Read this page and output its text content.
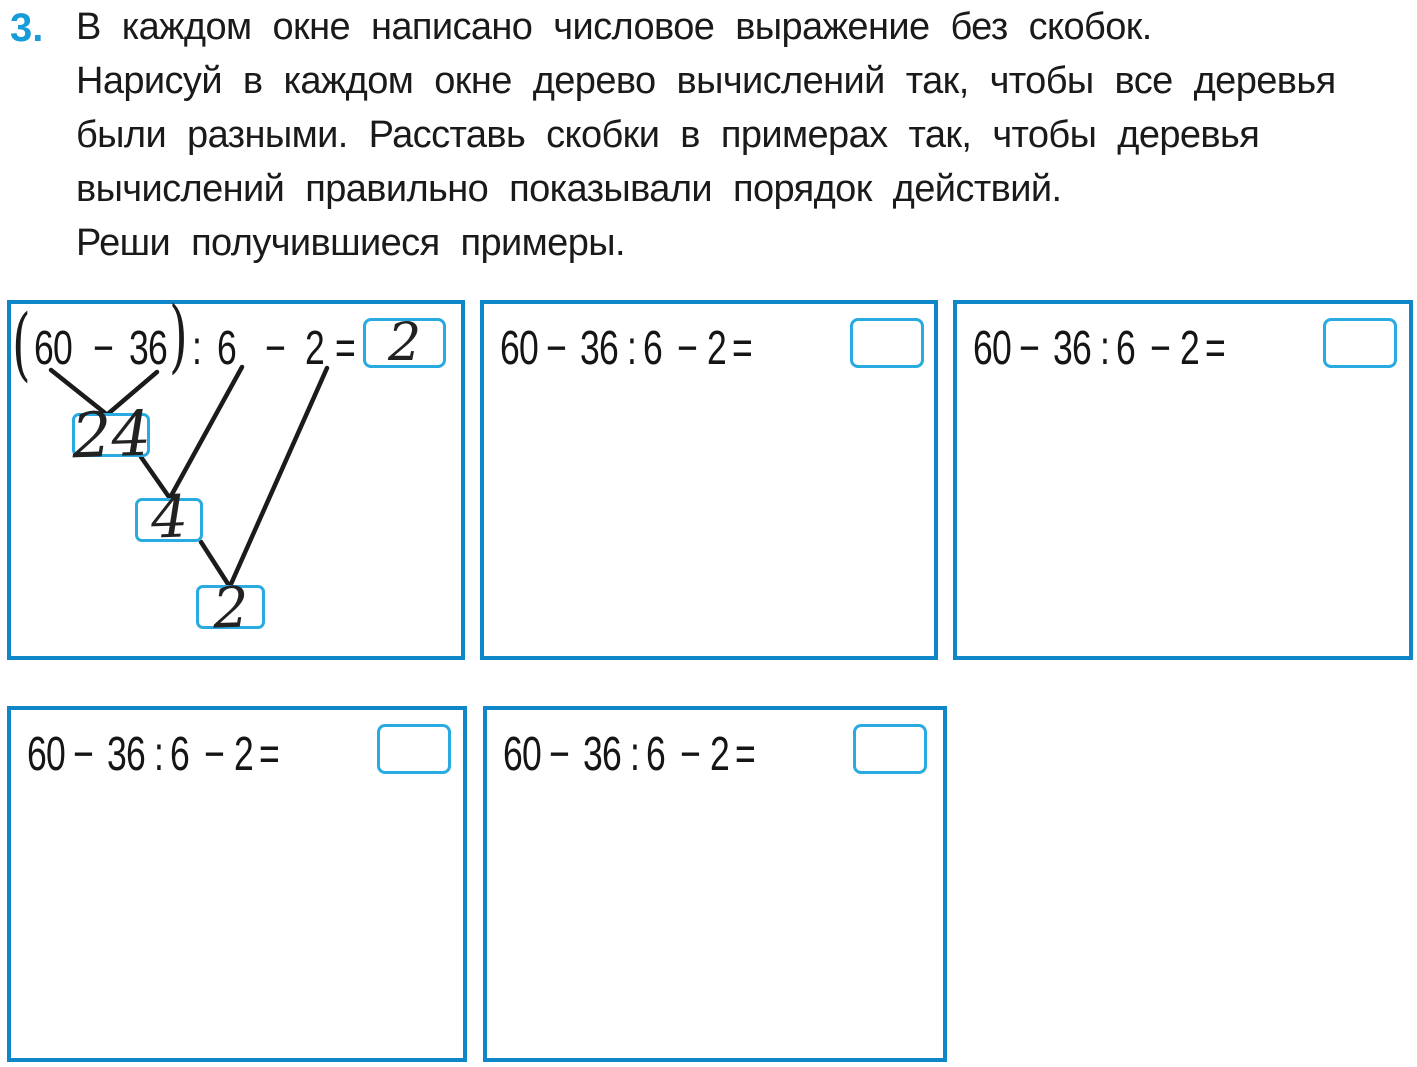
3. В каждом окне написано числовое выражение без скобок.
Нарисуй в каждом окне дерево вычислений так, чтобы все деревья
были разными. Расставь скобки в примерах так, чтобы деревья
вычислений правильно показывали порядок действий.
Реши получившиеся примеры.
( 60 − 36 ) : 6 − 2 = 2
24
4
2
60 − 36 : 6 − 2 =	60 − 36 : 6 − 2 =
60 − 36 : 6 − 2 =	60 − 36 : 6 − 2 =
